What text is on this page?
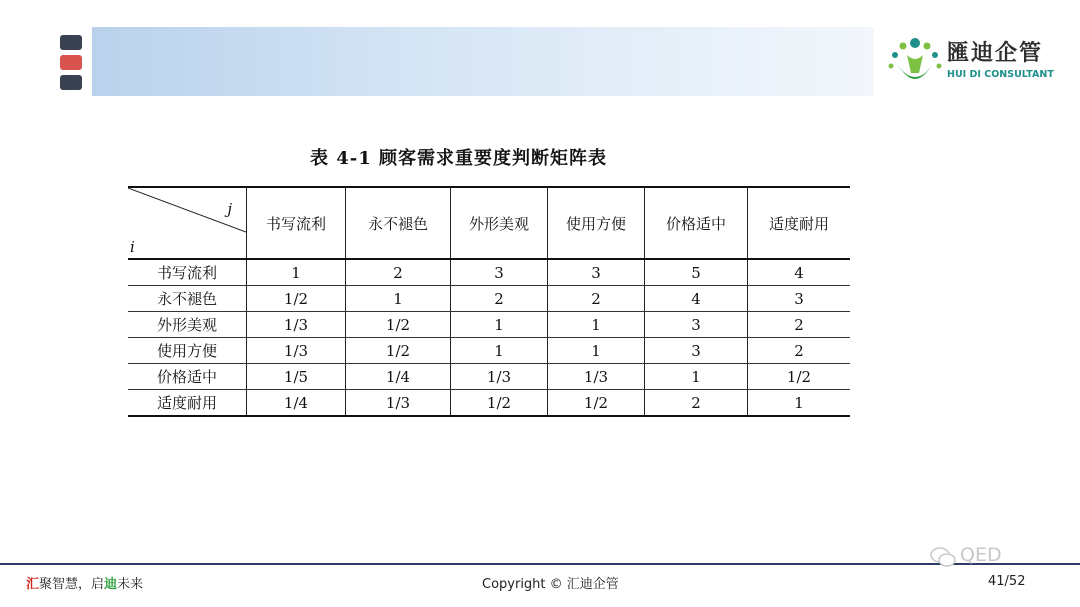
匯迪企管
HUI DI CONSULTANT
表 4-1 顾客需求重要度判断矩阵表
j
i	书写流利	永不褪色	外形美观	使用方便	价格适中	适度耐用
书写流利	1	2	3	3	5	4
永不褪色	1/2	1	2	2	4	3
外形美观	1/3	1/2	1	1	3	2
使用方便	1/3	1/2	1	1	3	2
价格适中	1/5	1/4	1/3	1/3	1	1/2
适度耐用	1/4	1/3	1/2	1/2	2	1
汇聚智慧，启迪未来	Copyright © 汇迪企管
QED
41/52
